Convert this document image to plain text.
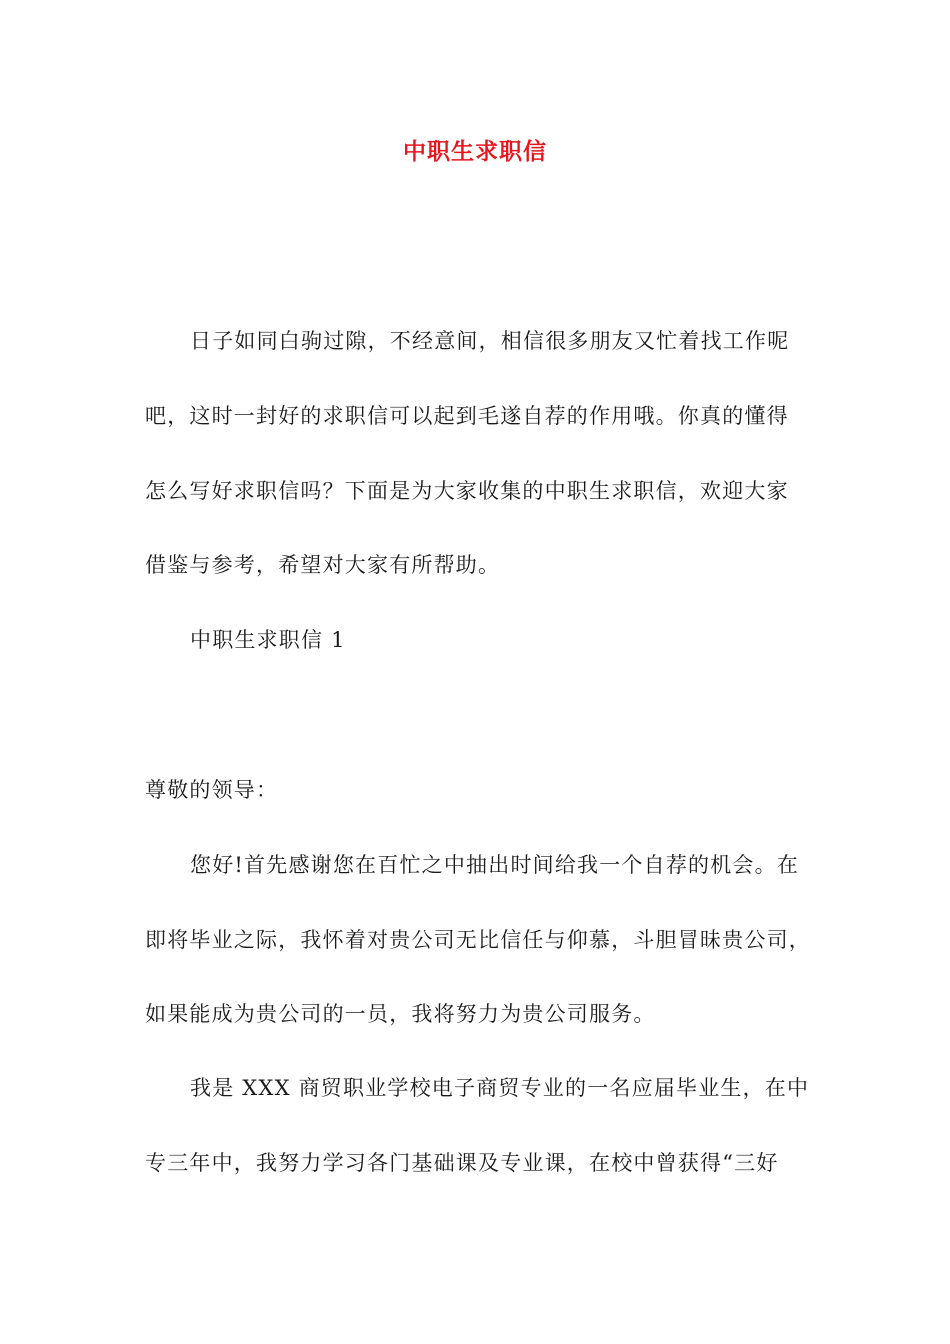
中职生求职信
日子如同白驹过隙，不经意间，相信很多朋友又忙着找工作呢
吧，这时一封好的求职信可以起到毛遂自荐的作用哦。你真的懂得
怎么写好求职信吗？下面是为大家收集的中职生求职信，欢迎大家
借鉴与参考，希望对大家有所帮助。
中职生求职信 1
尊敬的领导：
您好!首先感谢您在百忙之中抽出时间给我一个自荐的机会。在
即将毕业之际，我怀着对贵公司无比信任与仰慕，斗胆冒昧贵公司，
如果能成为贵公司的一员，我将努力为贵公司服务。
我是 XXX 商贸职业学校电子商贸专业的一名应届毕业生，在中
专三年中，我努力学习各门基础课及专业课，在校中曾获得“三好
